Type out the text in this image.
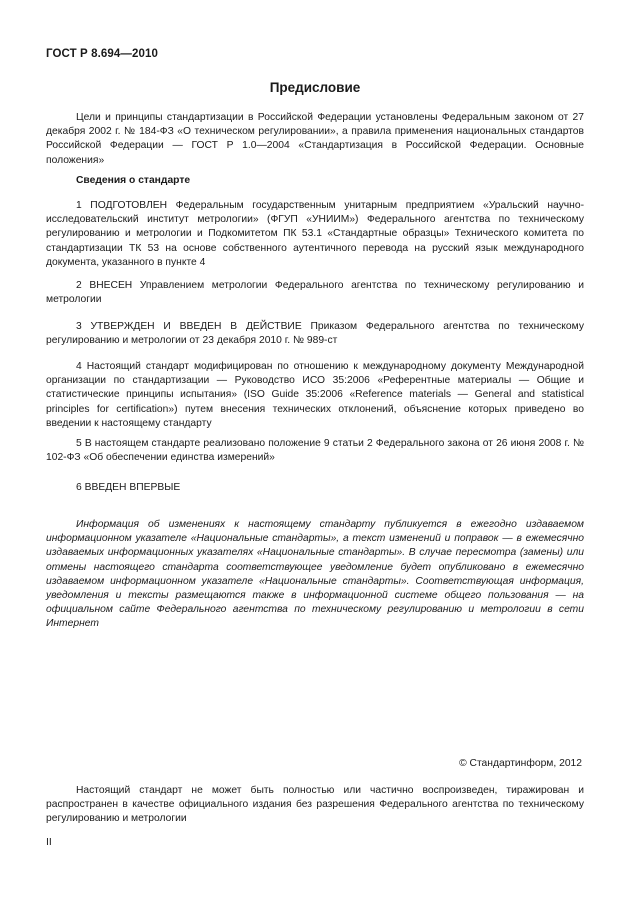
ГОСТ Р 8.694—2010
Предисловие

Цели и принципы стандартизации в Российской Федерации установлены Федеральным законом от 27 декабря 2002 г. № 184-ФЗ «О техническом регулировании», а правила применения национальных стандартов Российской Федерации — ГОСТ Р 1.0—2004 «Стандартизация в Российской Федерации. Основные положения»

Сведения о стандарте

1 ПОДГОТОВЛЕН Федеральным государственным унитарным предприятием «Уральский научно-исследовательский институт метрологии» (ФГУП «УНИИМ») Федерального агентства по техническому регулированию и метрологии и Подкомитетом ПК 53.1 «Стандартные образцы» Технического комитета по стандартизации ТК 53 на основе собственного аутентичного перевода на русский язык международного документа, указанного в пункте 4

2 ВНЕСЕН Управлением метрологии Федерального агентства по техническому регулированию и метрологии

3 УТВЕРЖДЕН И ВВЕДЕН В ДЕЙСТВИЕ Приказом Федерального агентства по техническому регулированию и метрологии от 23 декабря 2010 г. № 989-ст

4 Настоящий стандарт модифицирован по отношению к международному документу Международной организации по стандартизации — Руководство ИСО 35:2006 «Референтные материалы — Общие и статистические принципы испытания» (ISO Guide 35:2006 «Reference materials — General and statistical principles for certification») путем внесения технических отклонений, объяснение которых приведено во введении к настоящему стандарту

5 В настоящем стандарте реализовано положение 9 статьи 2 Федерального закона от 26 июня 2008 г. № 102-ФЗ «Об обеспечении единства измерений»

6 ВВЕДЕН ВПЕРВЫЕ

Информация об изменениях к настоящему стандарту публикуется в ежегодно издаваемом информационном указателе «Национальные стандарты», а текст изменений и поправок — в ежемесячно издаваемых информационных указателях «Национальные стандарты». В случае пересмотра (замены) или отмены настоящего стандарта соответствующее уведомление будет опубликовано в ежемесячно издаваемом информационном указателе «Национальные стандарты». Соответствующая информация, уведомления и тексты размещаются также в информационной системе общего пользования — на официальном сайте Федерального агентства по техническому регулированию и метрологии в сети Интернет

© Стандартинформ, 2012

Настоящий стандарт не может быть полностью или частично воспроизведен, тиражирован и распространен в качестве официального издания без разрешения Федерального агентства по техническому регулированию и метрологии

II
